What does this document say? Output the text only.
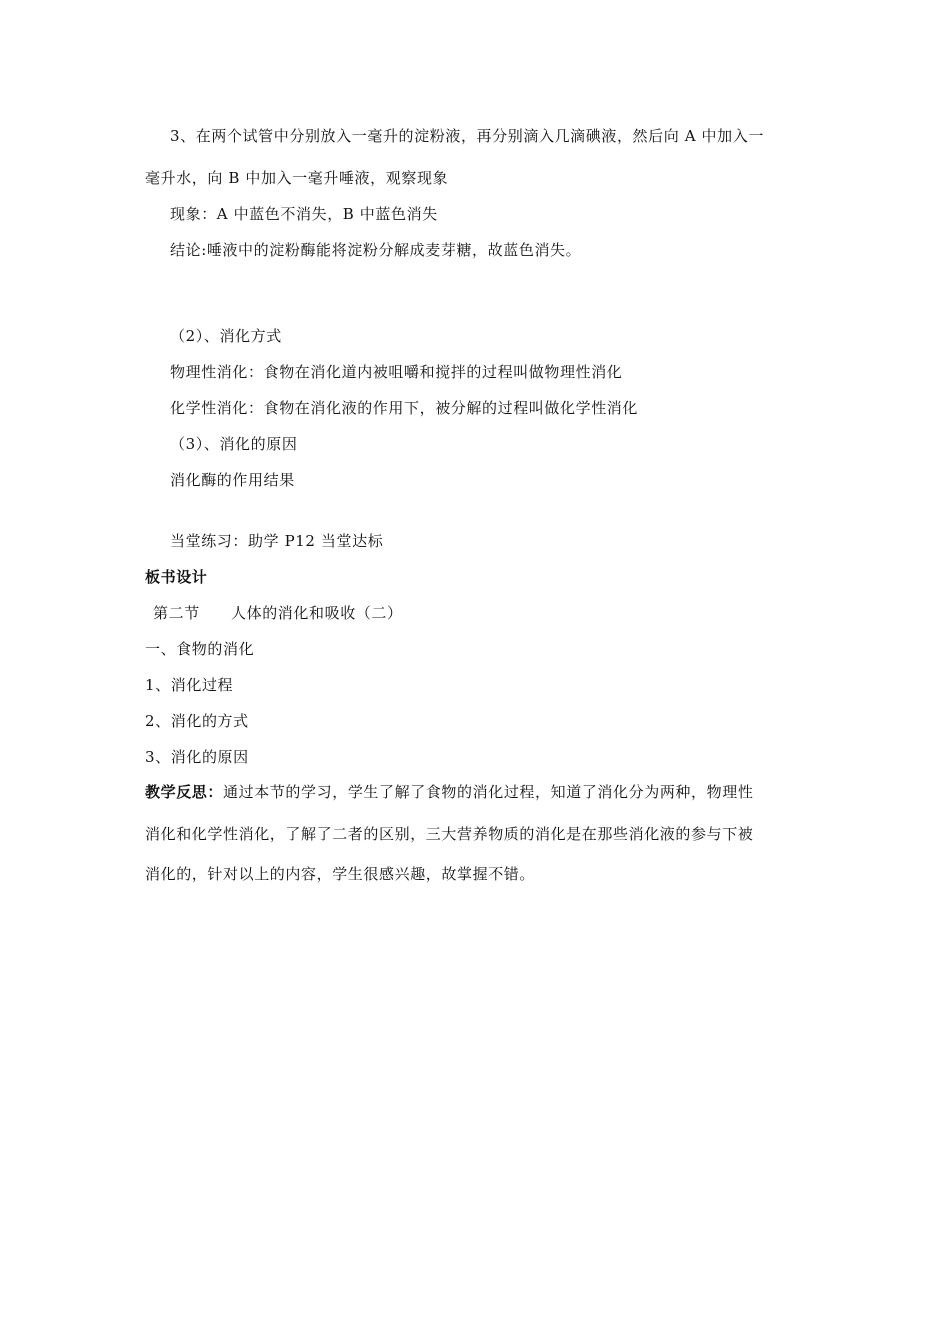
3、在两个试管中分别放入一毫升的淀粉液，再分别滴入几滴碘液，然后向 A 中加入一
毫升水，向 B 中加入一毫升唾液，观察现象
现象：A 中蓝色不消失，B 中蓝色消失
结论:唾液中的淀粉酶能将淀粉分解成麦芽糖，故蓝色消失。
（2）、消化方式
物理性消化：食物在消化道内被咀嚼和搅拌的过程叫做物理性消化
化学性消化：食物在消化液的作用下，被分解的过程叫做化学性消化
（3）、消化的原因
消化酶的作用结果
当堂练习：助学 P12 当堂达标
板书设计
第二节　　人体的消化和吸收（二）
一、食物的消化
1、消化过程
2、消化的方式
3、消化的原因
教学反思：通过本节的学习，学生了解了食物的消化过程，知道了消化分为两种，物理性
消化和化学性消化，了解了二者的区别，三大营养物质的消化是在那些消化液的参与下被
消化的，针对以上的内容，学生很感兴趣，故掌握不错。
